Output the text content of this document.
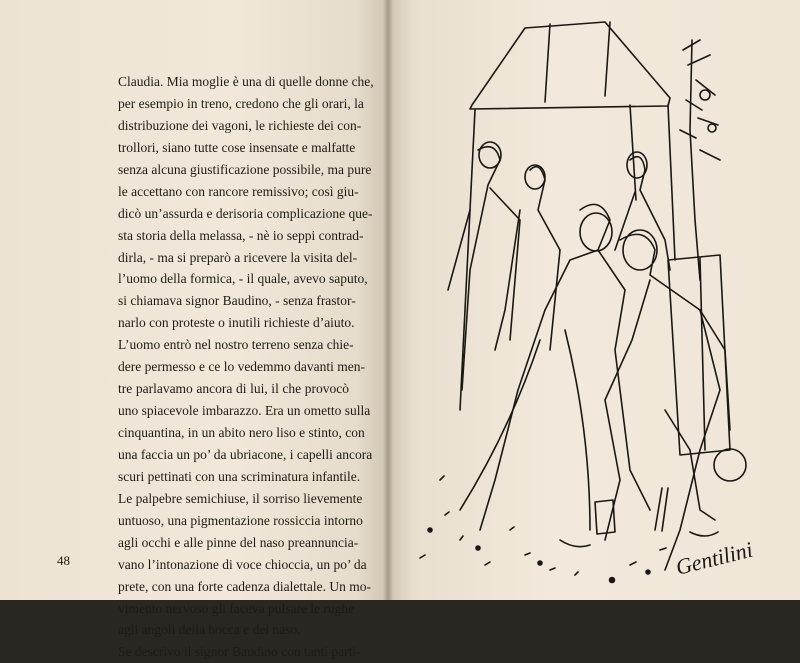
Claudia. Mia moglie è una di quelle donne che,
per esempio in treno, credono che gli orari, la
distribuzione dei vagoni, le richieste dei con-
trollori, siano tutte cose insensate e malfatte
senza alcuna giustificazione possibile, ma pure
le accettano con rancore remissivo; così giu-
dicò un’assurda e derisoria complicazione que-
sta storia della melassa, - nè io seppi contrad-
dirla, - ma si preparò a ricevere la visita del-
l’uomo della formica, - il quale, avevo saputo,
si chiamava signor Baudino, - senza frastor-
narlo con proteste o inutili richieste d’aiuto.
L’uomo entrò nel nostro terreno senza chie-
dere permesso e ce lo vedemmo davanti men-
tre parlavamo ancora di lui, il che provocò
uno spiacevole imbarazzo. Era un ometto sulla
cinquantina, in un abito nero liso e stinto, con
una faccia un po’ da ubriacone, i capelli ancora
scuri pettinati con una scriminatura infantile.
Le palpebre semichiuse, il sorriso lievemente
untuoso, una pigmentazione rossiccia intorno
agli occhi e alle pinne del naso preannuncia-
vano l’intonazione di voce chioccia, un po’ da
prete, con una forte cadenza dialettale. Un mo-
vimento nervoso gli faceva pulsare le rughe
agli angoli della bocca e del naso.
Se descrivo il signor Baudino con tanti parti-
48	Gentilini
